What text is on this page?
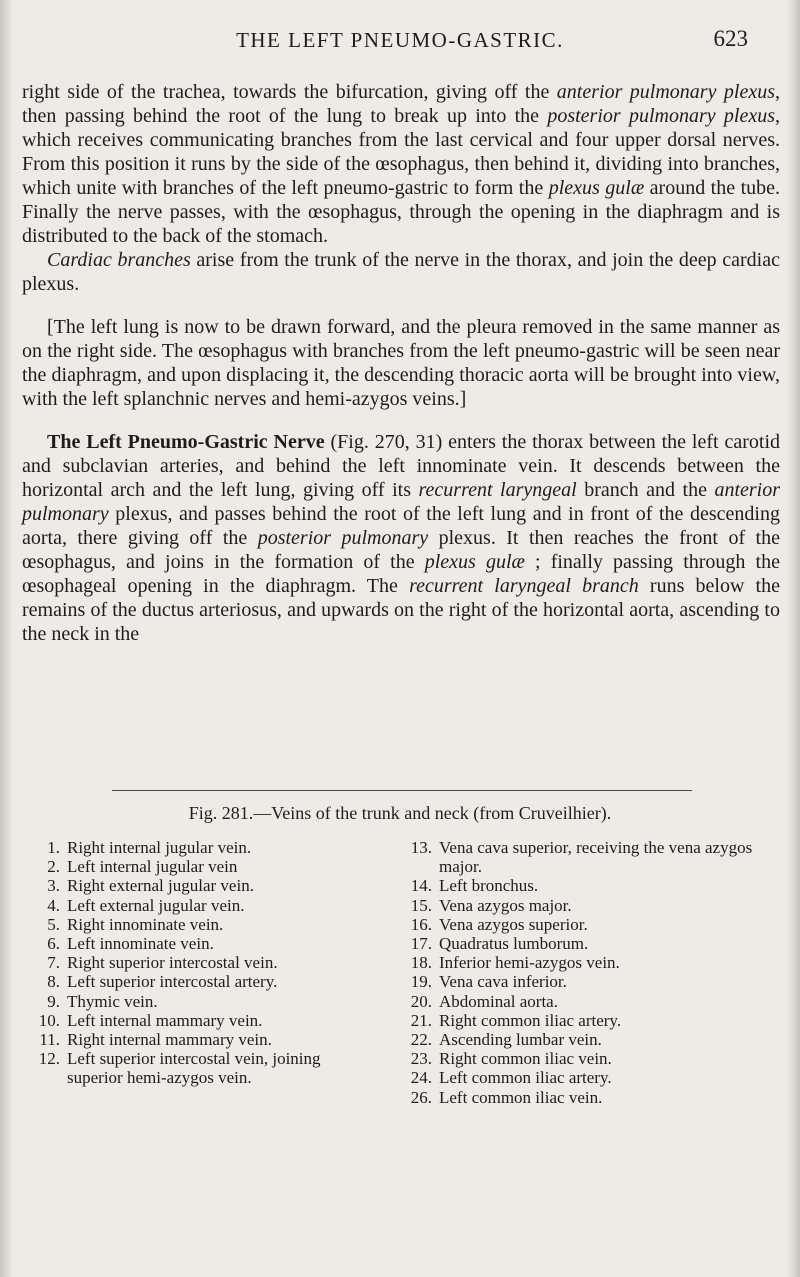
THE LEFT PNEUMO-GASTRIC.	623

right side of the trachea, towards the bifurcation, giving off the anterior pulmonary plexus, then passing behind the root of the lung to break up into the posterior pulmonary plexus, which receives communicating branches from the last cervical and four upper dorsal nerves. From this position it runs by the side of the œsophagus, then behind it, dividing into branches, which unite with branches of the left pneumo-gastric to form the plexus gulæ around the tube. Finally the nerve passes, with the œsophagus, through the opening in the diaphragm and is distributed to the back of the stomach.

Cardiac branches arise from the trunk of the nerve in the thorax, and join the deep cardiac plexus.

[The left lung is now to be drawn forward, and the pleura removed in the same manner as on the right side. The œsophagus with branches from the left pneumo-gastric will be seen near the diaphragm, and upon displacing it, the descending thoracic aorta will be brought into view, with the left splanchnic nerves and hemi-azygos veins.]

The Left Pneumo-Gastric Nerve (Fig. 270, 31) enters the thorax between the left carotid and subclavian arteries, and behind the left innominate vein. It descends between the horizontal arch and the left lung, giving off its recurrent laryngeal branch and the anterior pulmonary plexus, and passes behind the root of the left lung and in front of the descending aorta, there giving off the posterior pulmonary plexus. It then reaches the front of the œsophagus, and joins in the formation of the plexus gulæ ; finally passing through the œsophageal opening in the diaphragm. The recurrent laryngeal branch runs below the remains of the ductus arteriosus, and upwards on the right of the horizontal aorta, ascending to the neck in the

Fig. 281.—Veins of the trunk and neck (from Cruveilhier).
1. Right internal jugular vein.
2. Left internal jugular vein
3. Right external jugular vein.
4. Left external jugular vein.
5. Right innominate vein.
6. Left innominate vein.
7. Right superior intercostal vein.
8. Left superior intercostal artery.
9. Thymic vein.
10. Left internal mammary vein.
11. Right internal mammary vein.
12. Left superior intercostal vein, joining superior hemi-azygos vein.
13. Vena cava superior, receiving the vena azygos major.
14. Left bronchus.
15. Vena azygos major.
16. Vena azygos superior.
17. Quadratus lumborum.
18. Inferior hemi-azygos vein.
19. Vena cava inferior.
20. Abdominal aorta.
21. Right common iliac artery.
22. Ascending lumbar vein.
23. Right common iliac vein.
24. Left common iliac artery.
26. Left common iliac vein.
